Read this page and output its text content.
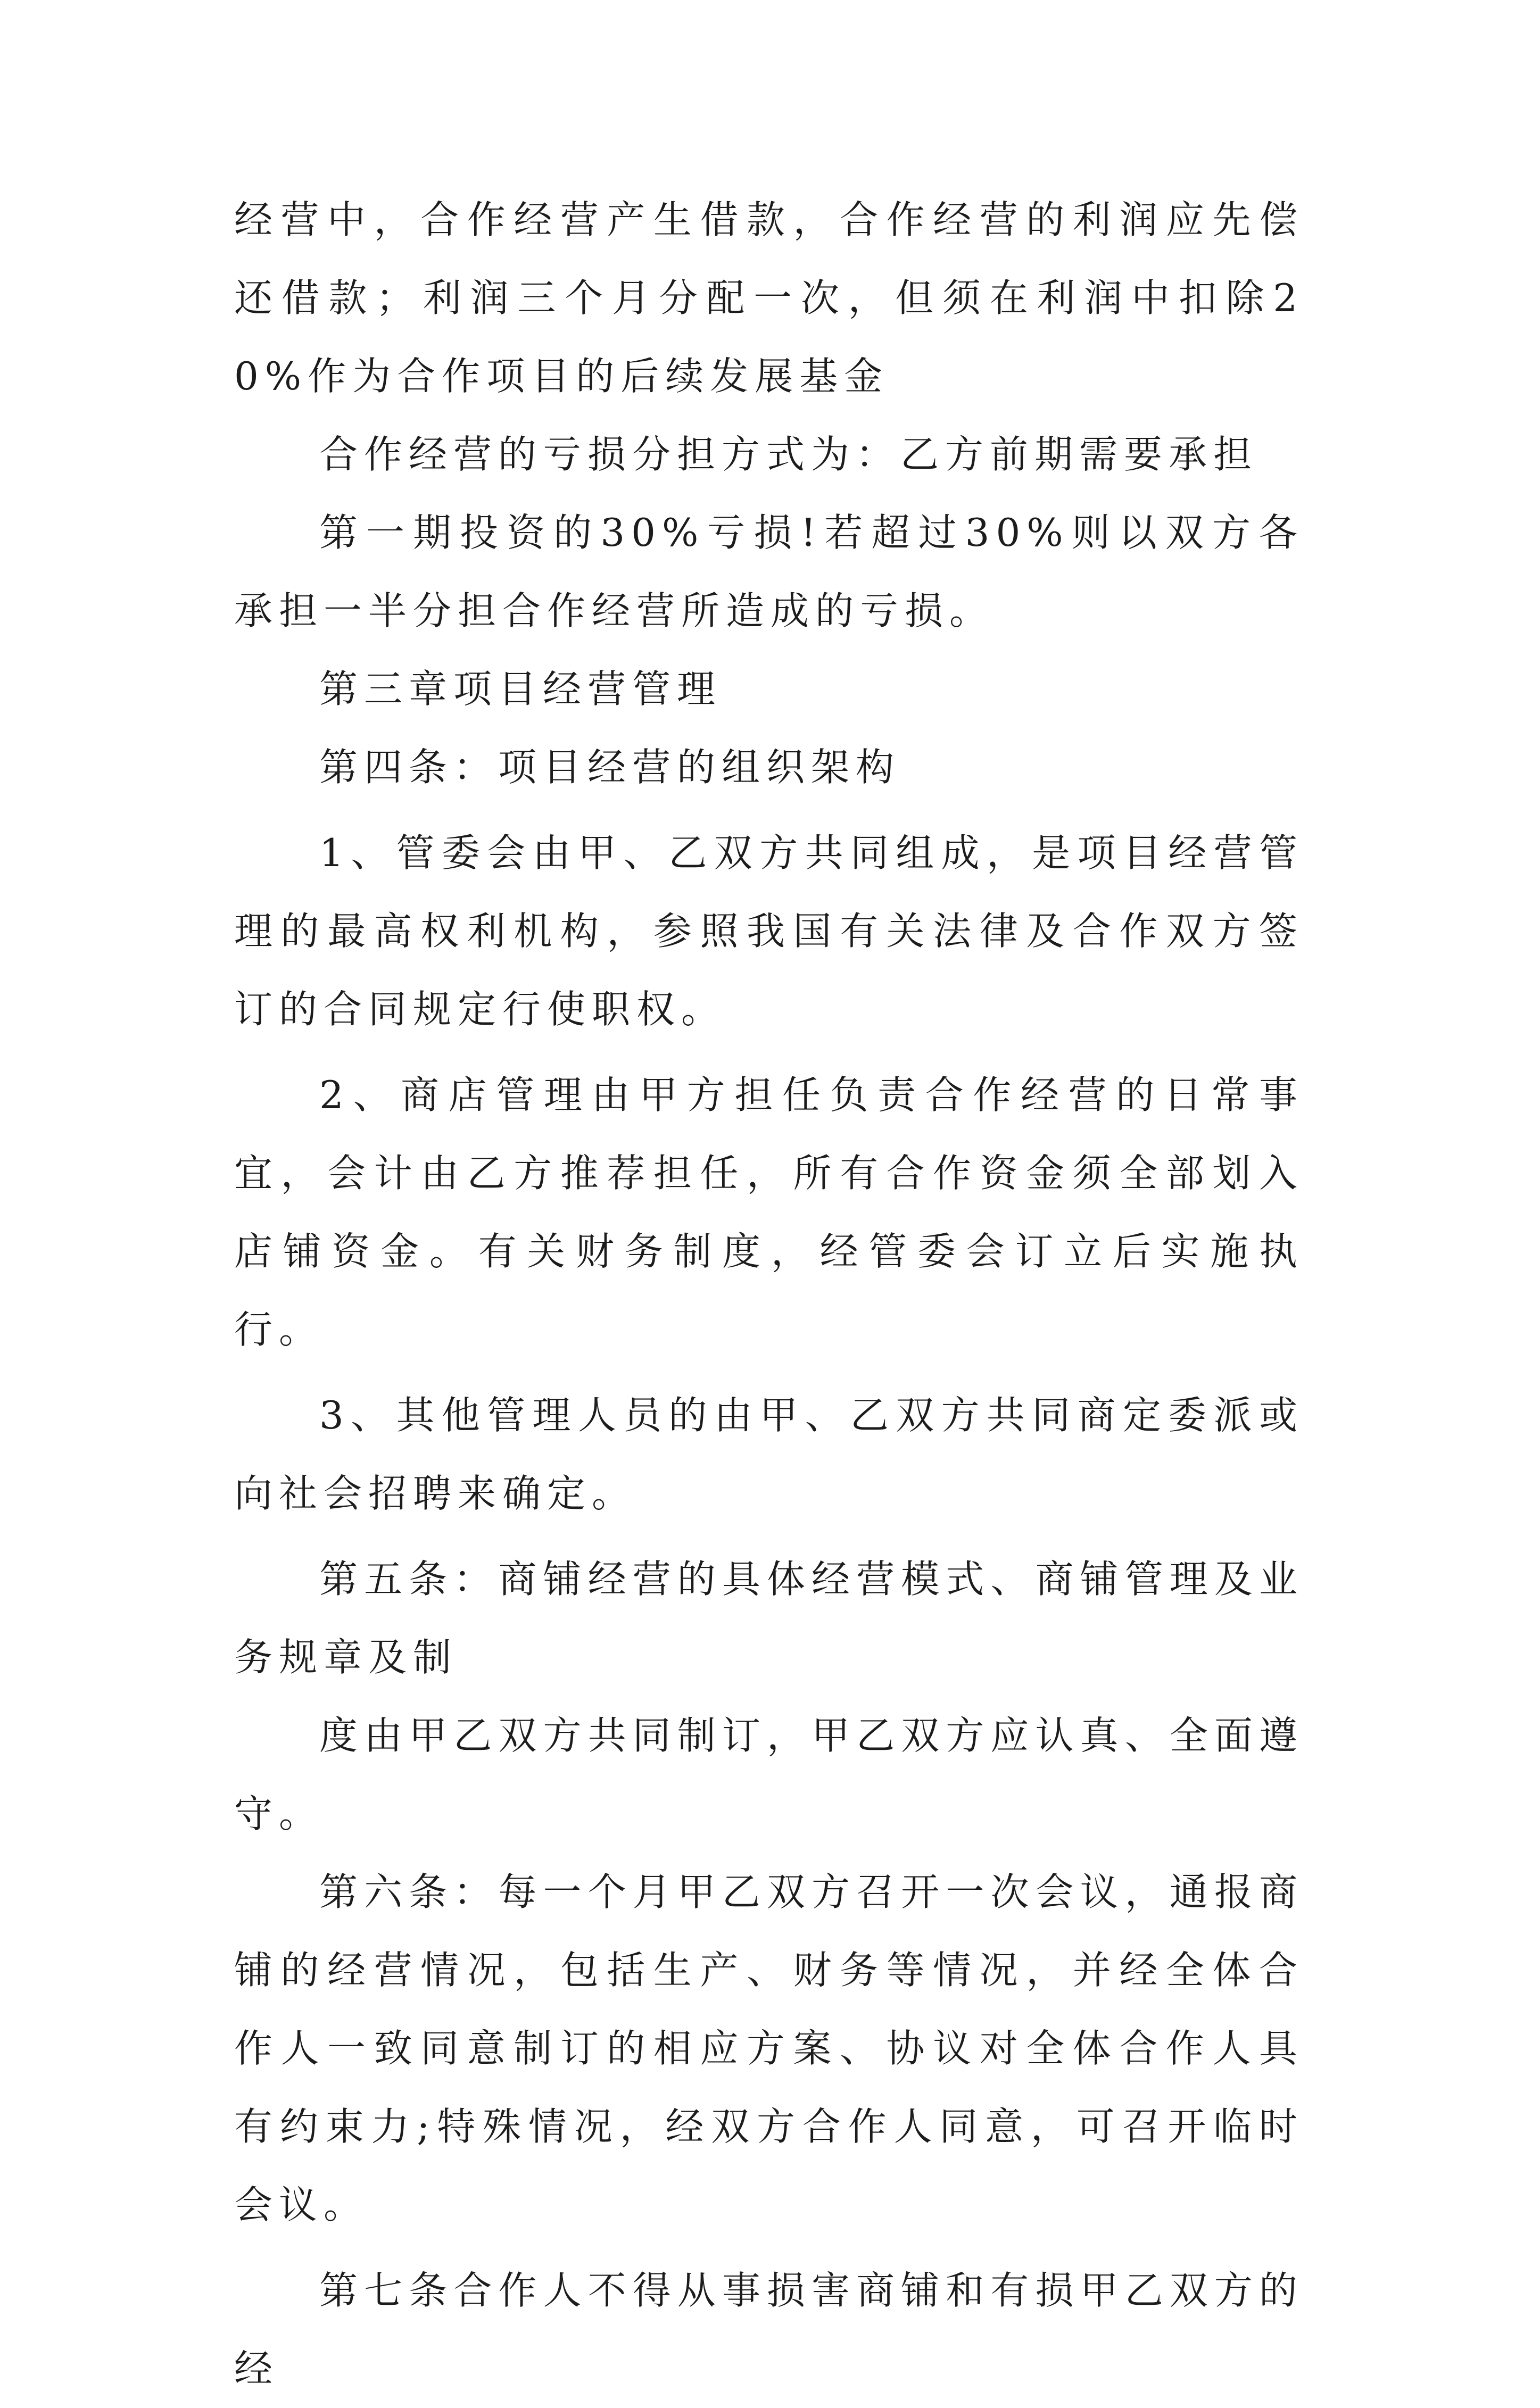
经营中，合作经营产生借款，合作经营的利润应先偿还借款；利润三个月分配一次，但须在利润中扣除20%作为合作项目的后续发展基金

合作经营的亏损分担方式为：乙方前期需要承担

第一期投资的30%亏损!若超过30%则以双方各承担一半分担合作经营所造成的亏损。

第三章项目经营管理

第四条：项目经营的组织架构

1、管委会由甲、乙双方共同组成，是项目经营管理的最高权利机构，参照我国有关法律及合作双方签订的合同规定行使职权。

2、商店管理由甲方担任负责合作经营的日常事宜，会计由乙方推荐担任，所有合作资金须全部划入店铺资金。有关财务制度，经管委会订立后实施执行。

3、其他管理人员的由甲、乙双方共同商定委派或向社会招聘来确定。

第五条：商铺经营的具体经营模式、商铺管理及业务规章及制

度由甲乙双方共同制订，甲乙双方应认真、全面遵守。

第六条：每一个月甲乙双方召开一次会议，通报商铺的经营情况，包括生产、财务等情况，并经全体合作人一致同意制订的相应方案、协议对全体合作人具有约束力;特殊情况，经双方合作人同意，可召开临时会议。

第七条合作人不得从事损害商铺和有损甲乙双方的经
